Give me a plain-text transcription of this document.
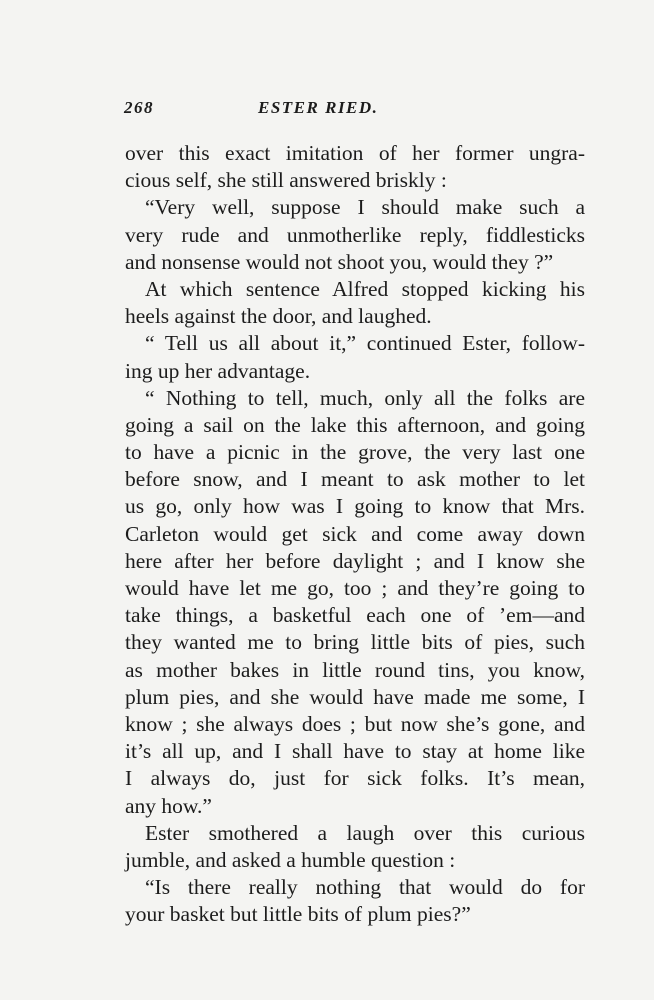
268	ESTER RIED.
over this exact imitation of her former ungra-
cious self, she still answered briskly :
“Very well, suppose I should make such a
very rude and unmotherlike reply, fiddlesticks
and nonsense would not shoot you, would they ?”
At which sentence Alfred stopped kicking his
heels against the door, and laughed.
“ Tell us all about it,” continued Ester, follow-
ing up her advantage.
“ Nothing to tell, much, only all the folks are
going a sail on the lake this afternoon, and going
to have a picnic in the grove, the very last one
before snow, and I meant to ask mother to let
us go, only how was I going to know that Mrs.
Carleton would get sick and come away down
here after her before daylight ; and I know she
would have let me go, too ; and they’re going to
take things, a basketful each one of ’em—and
they wanted me to bring little bits of pies, such
as mother bakes in little round tins, you know,
plum pies, and she would have made me some, I
know ; she always does ; but now she’s gone, and
it’s all up, and I shall have to stay at home like
I always do, just for sick folks. It’s mean,
any how.”
Ester smothered a laugh over this curious
jumble, and asked a humble question :
“Is there really nothing that would do for
your basket but little bits of plum pies?”
